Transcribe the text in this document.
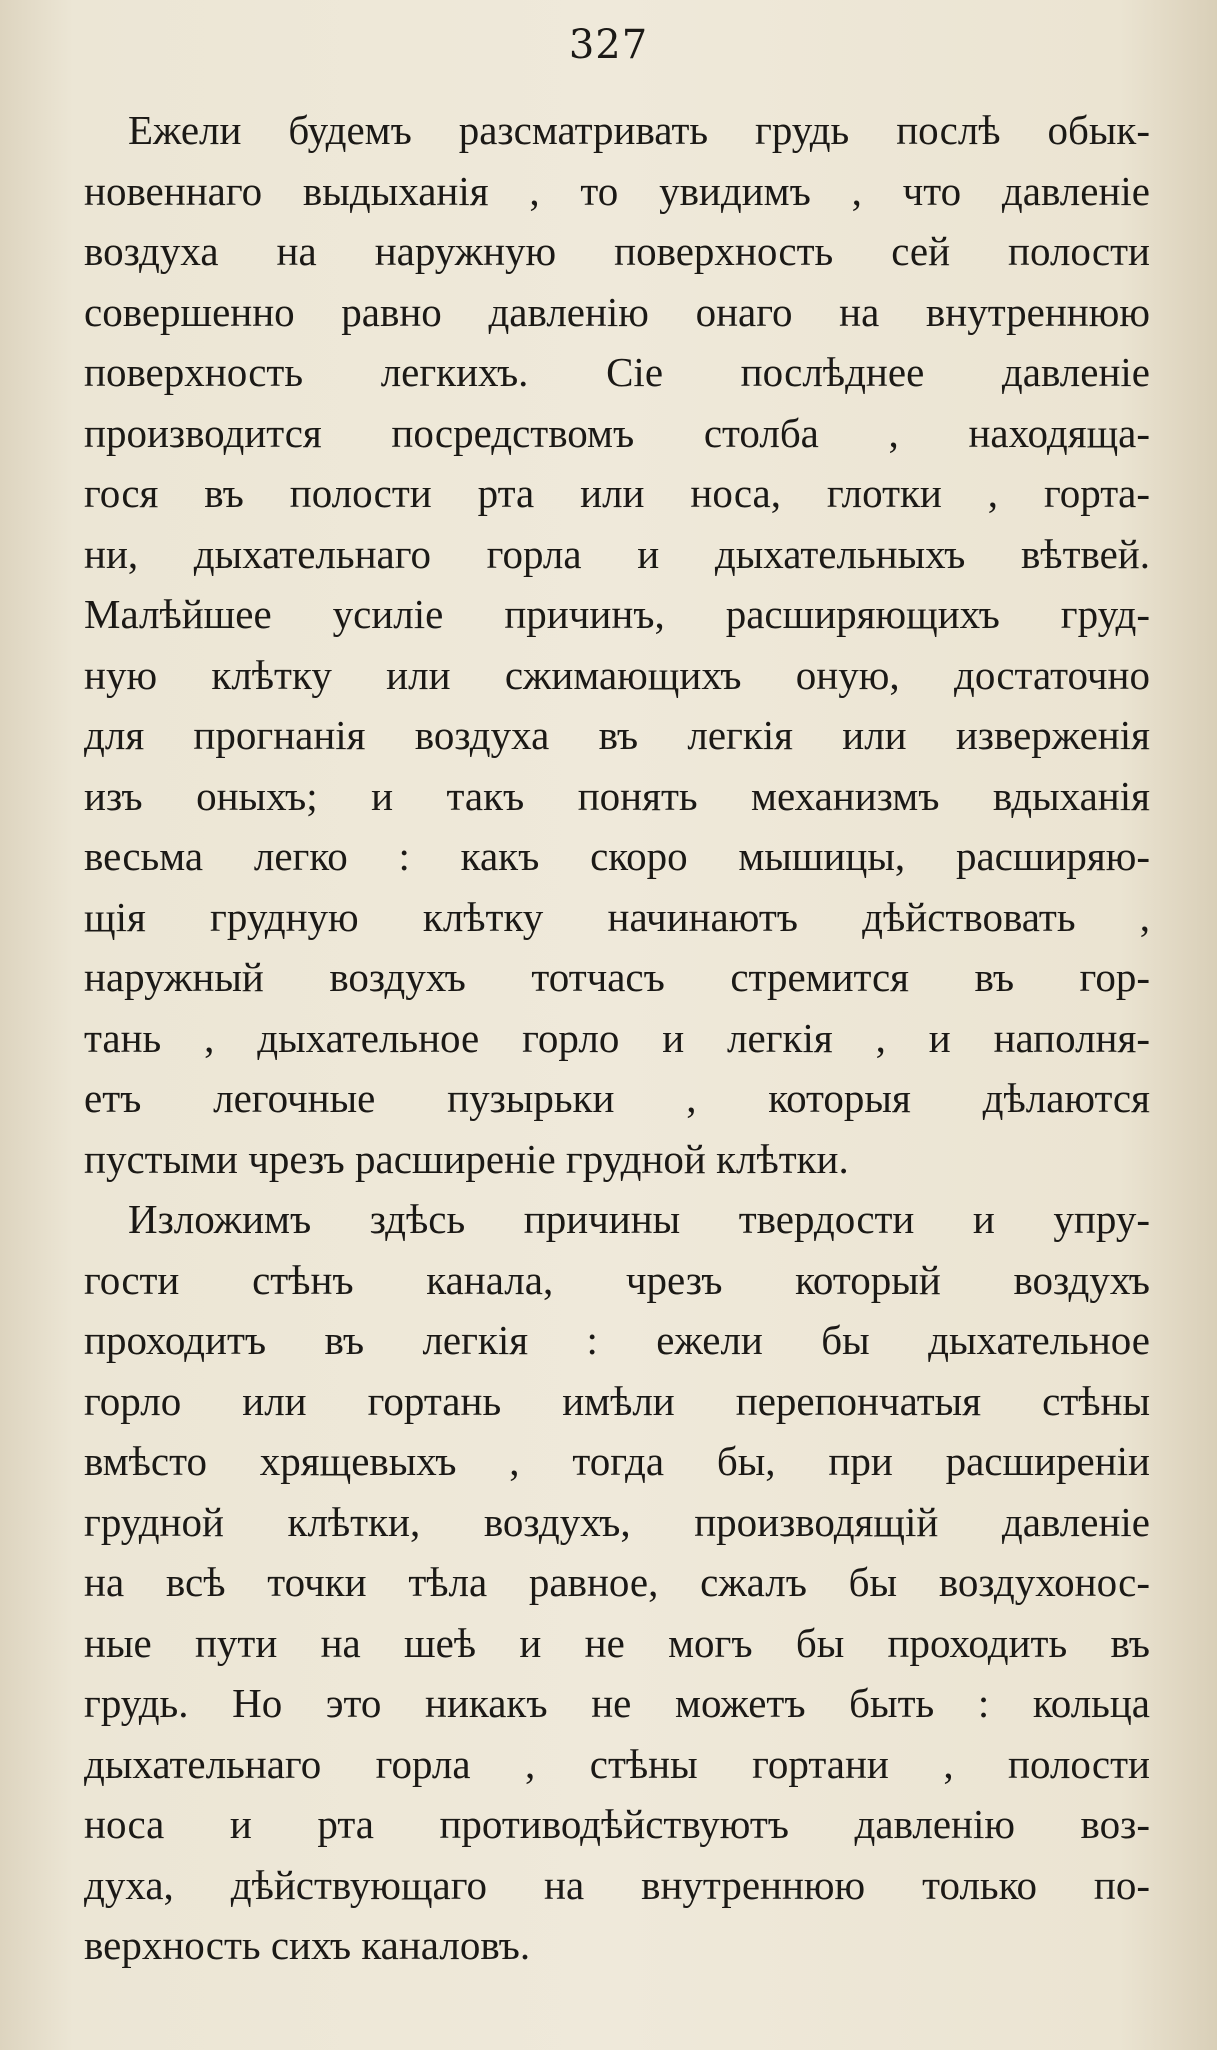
327
Ежели будемъ разсматривать грудь послѣ обык-
новеннаго выдыханія , то увидимъ , что давленіе
воздуха на наружную поверхность сей полости
совершенно равно давленію онаго на внутреннюю
поверхность легкихъ. Сіе послѣднее давленіе
производится посредствомъ столба , находяща-
гося въ полости рта или носа, глотки , гортa-
ни, дыхательнаго горла и дыхательныхъ вѣтвей.
Малѣйшее усиліе причинъ, расширяющихъ груд-
ную клѣтку или сжимающихъ оную, достаточно
для прогнанія воздуха въ легкія или изверженія
изъ оныхъ; и такъ понять механизмъ вдыханія
весьма легко : какъ скоро мышицы, расширяю-
щія грудную клѣтку начинаютъ дѣйствовать ,
наружный воздухъ тотчасъ стремится въ гор-
тань , дыхательное горло и легкія , и наполня-
етъ легочные пузырьки , которыя дѣлаются
пустыми чрезъ расширеніе грудной клѣтки.
Изложимъ здѣсь причины твердости и упру-
гости стѣнъ канала, чрезъ который воздухъ
проходитъ въ легкія : ежели бы дыхательное
горло или гортань имѣли перепончатыя стѣны
вмѣсто хрящевыхъ , тогда бы, при расширеніи
грудной клѣтки, воздухъ, производящій давленіе
на всѣ точки тѣла равное, сжалъ бы воздухонос-
ные пути на шеѣ и не могъ бы проходить въ
грудь. Но это никакъ не можетъ быть : кольца
дыхательнаго горла , стѣны гортани , полости
носа и рта противодѣйствуютъ давленію воз-
духа, дѣйствующаго на внутреннюю только по-
верхность сихъ каналовъ.
